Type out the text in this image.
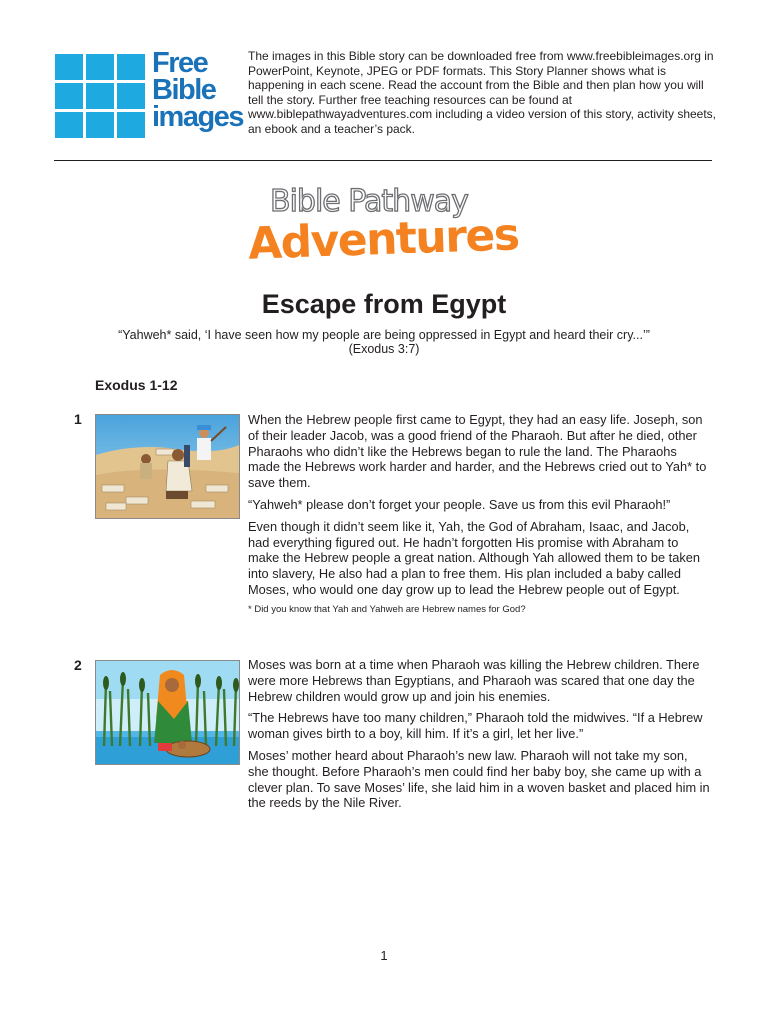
Free
Bible
images
The images in this Bible story can be downloaded free from www.freebibleimages.org in PowerPoint, Keynote, JPEG or PDF formats. This Story Planner shows what is happening in each scene. Read the account from the Bible and then plan how you will tell the story. Further free teaching resources can be found at www.biblepathwayadventures.com including a video version of this story, activity sheets, an ebook and a teacher’s pack.
Bible Pathway
Adventures
Escape from Egypt
“Yahweh* said, ‘I have seen how my people are being oppressed in Egypt and heard their cry...’”
(Exodus 3:7)
Exodus 1-12
1	When the Hebrew people first came to Egypt, they had an easy life. Joseph, son of their leader Jacob, was a good friend of the Pharaoh. But after he died, other Pharaohs who didn’t like the Hebrews began to rule the land. The Pharaohs made the Hebrews work harder and harder, and the Hebrews cried out to Yah* to save them.

“Yahweh* please don’t forget your people. Save us from this evil Pharaoh!”

Even though it didn’t seem like it, Yah, the God of Abraham, Isaac, and Jacob, had everything figured out. He hadn’t forgotten His promise with Abraham to make the Hebrew people a great nation. Although Yah allowed them to be taken into slavery, He also had a plan to free them. His plan included a baby called Moses, who would one day grow up to lead the Hebrew people out of Egypt.

* Did you know that Yah and Yahweh are Hebrew names for God?
2	Moses was born at a time when Pharaoh was killing the Hebrew children. There were more Hebrews than Egyptians, and Pharaoh was scared that one day the Hebrew children would grow up and join his enemies.

“The Hebrews have too many children,” Pharaoh told the midwives. “If a Hebrew woman gives birth to a boy, kill him. If it’s a girl, let her live.”

Moses’ mother heard about Pharaoh’s new law. Pharaoh will not take my son, she thought. Before Pharaoh’s men could find her baby boy, she came up with a clever plan. To save Moses’ life, she laid him in a woven basket and placed him in the reeds by the Nile River.

1
